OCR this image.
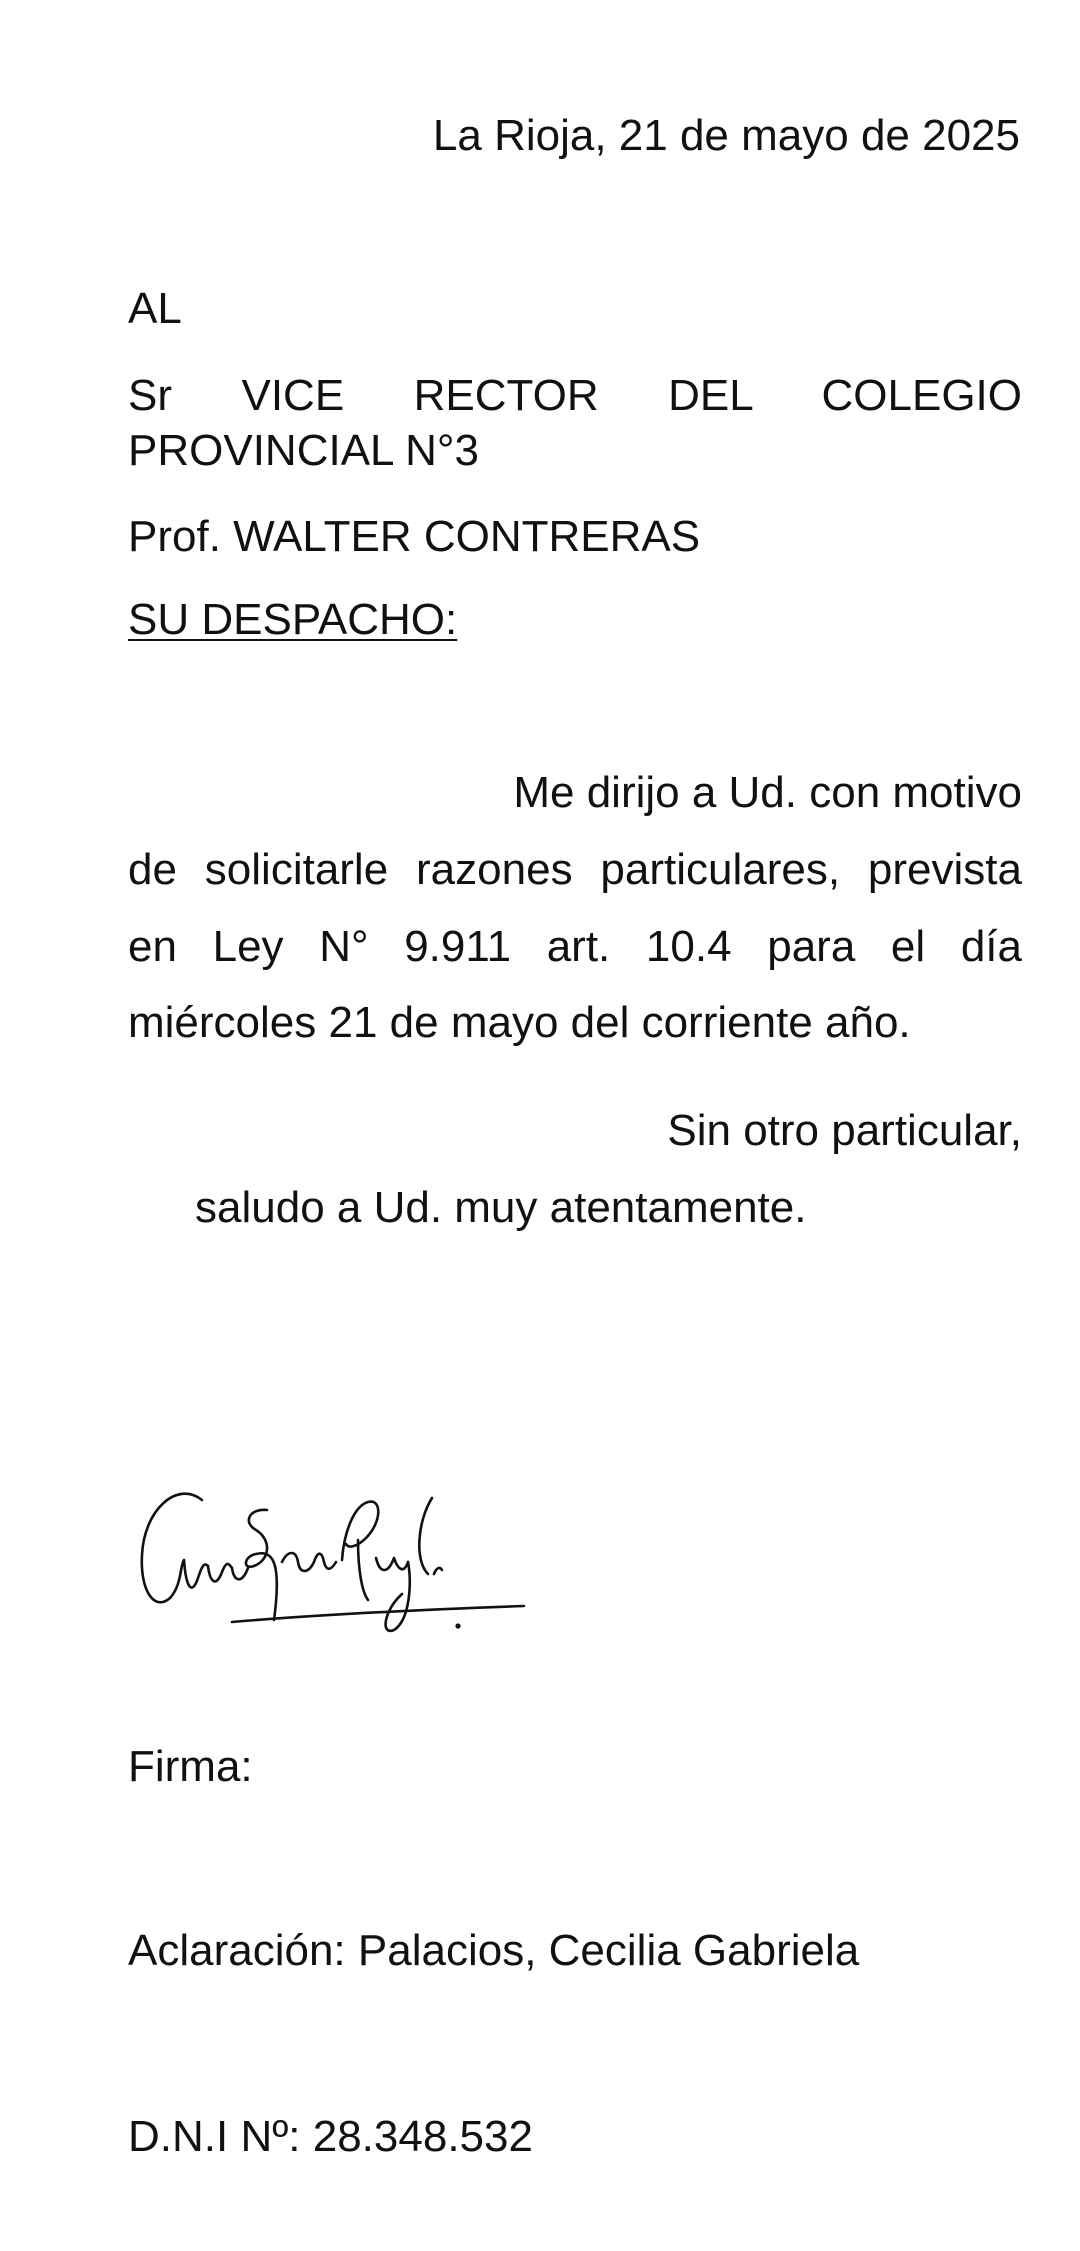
La Rioja, 21 de mayo de 2025
AL
Sr VICE RECTOR DEL COLEGIO
PROVINCIAL N°3
Prof. WALTER CONTRERAS
SU DESPACHO:
Me dirijo a Ud. con motivo
de solicitarle razones particulares, prevista
en Ley N° 9.911 art. 10.4 para el día
miércoles 21 de mayo del corriente año.
Sin otro particular,
saludo a Ud. muy atentamente.
Firma:
Aclaración: Palacios, Cecilia Gabriela
D.N.I Nº: 28.348.532
